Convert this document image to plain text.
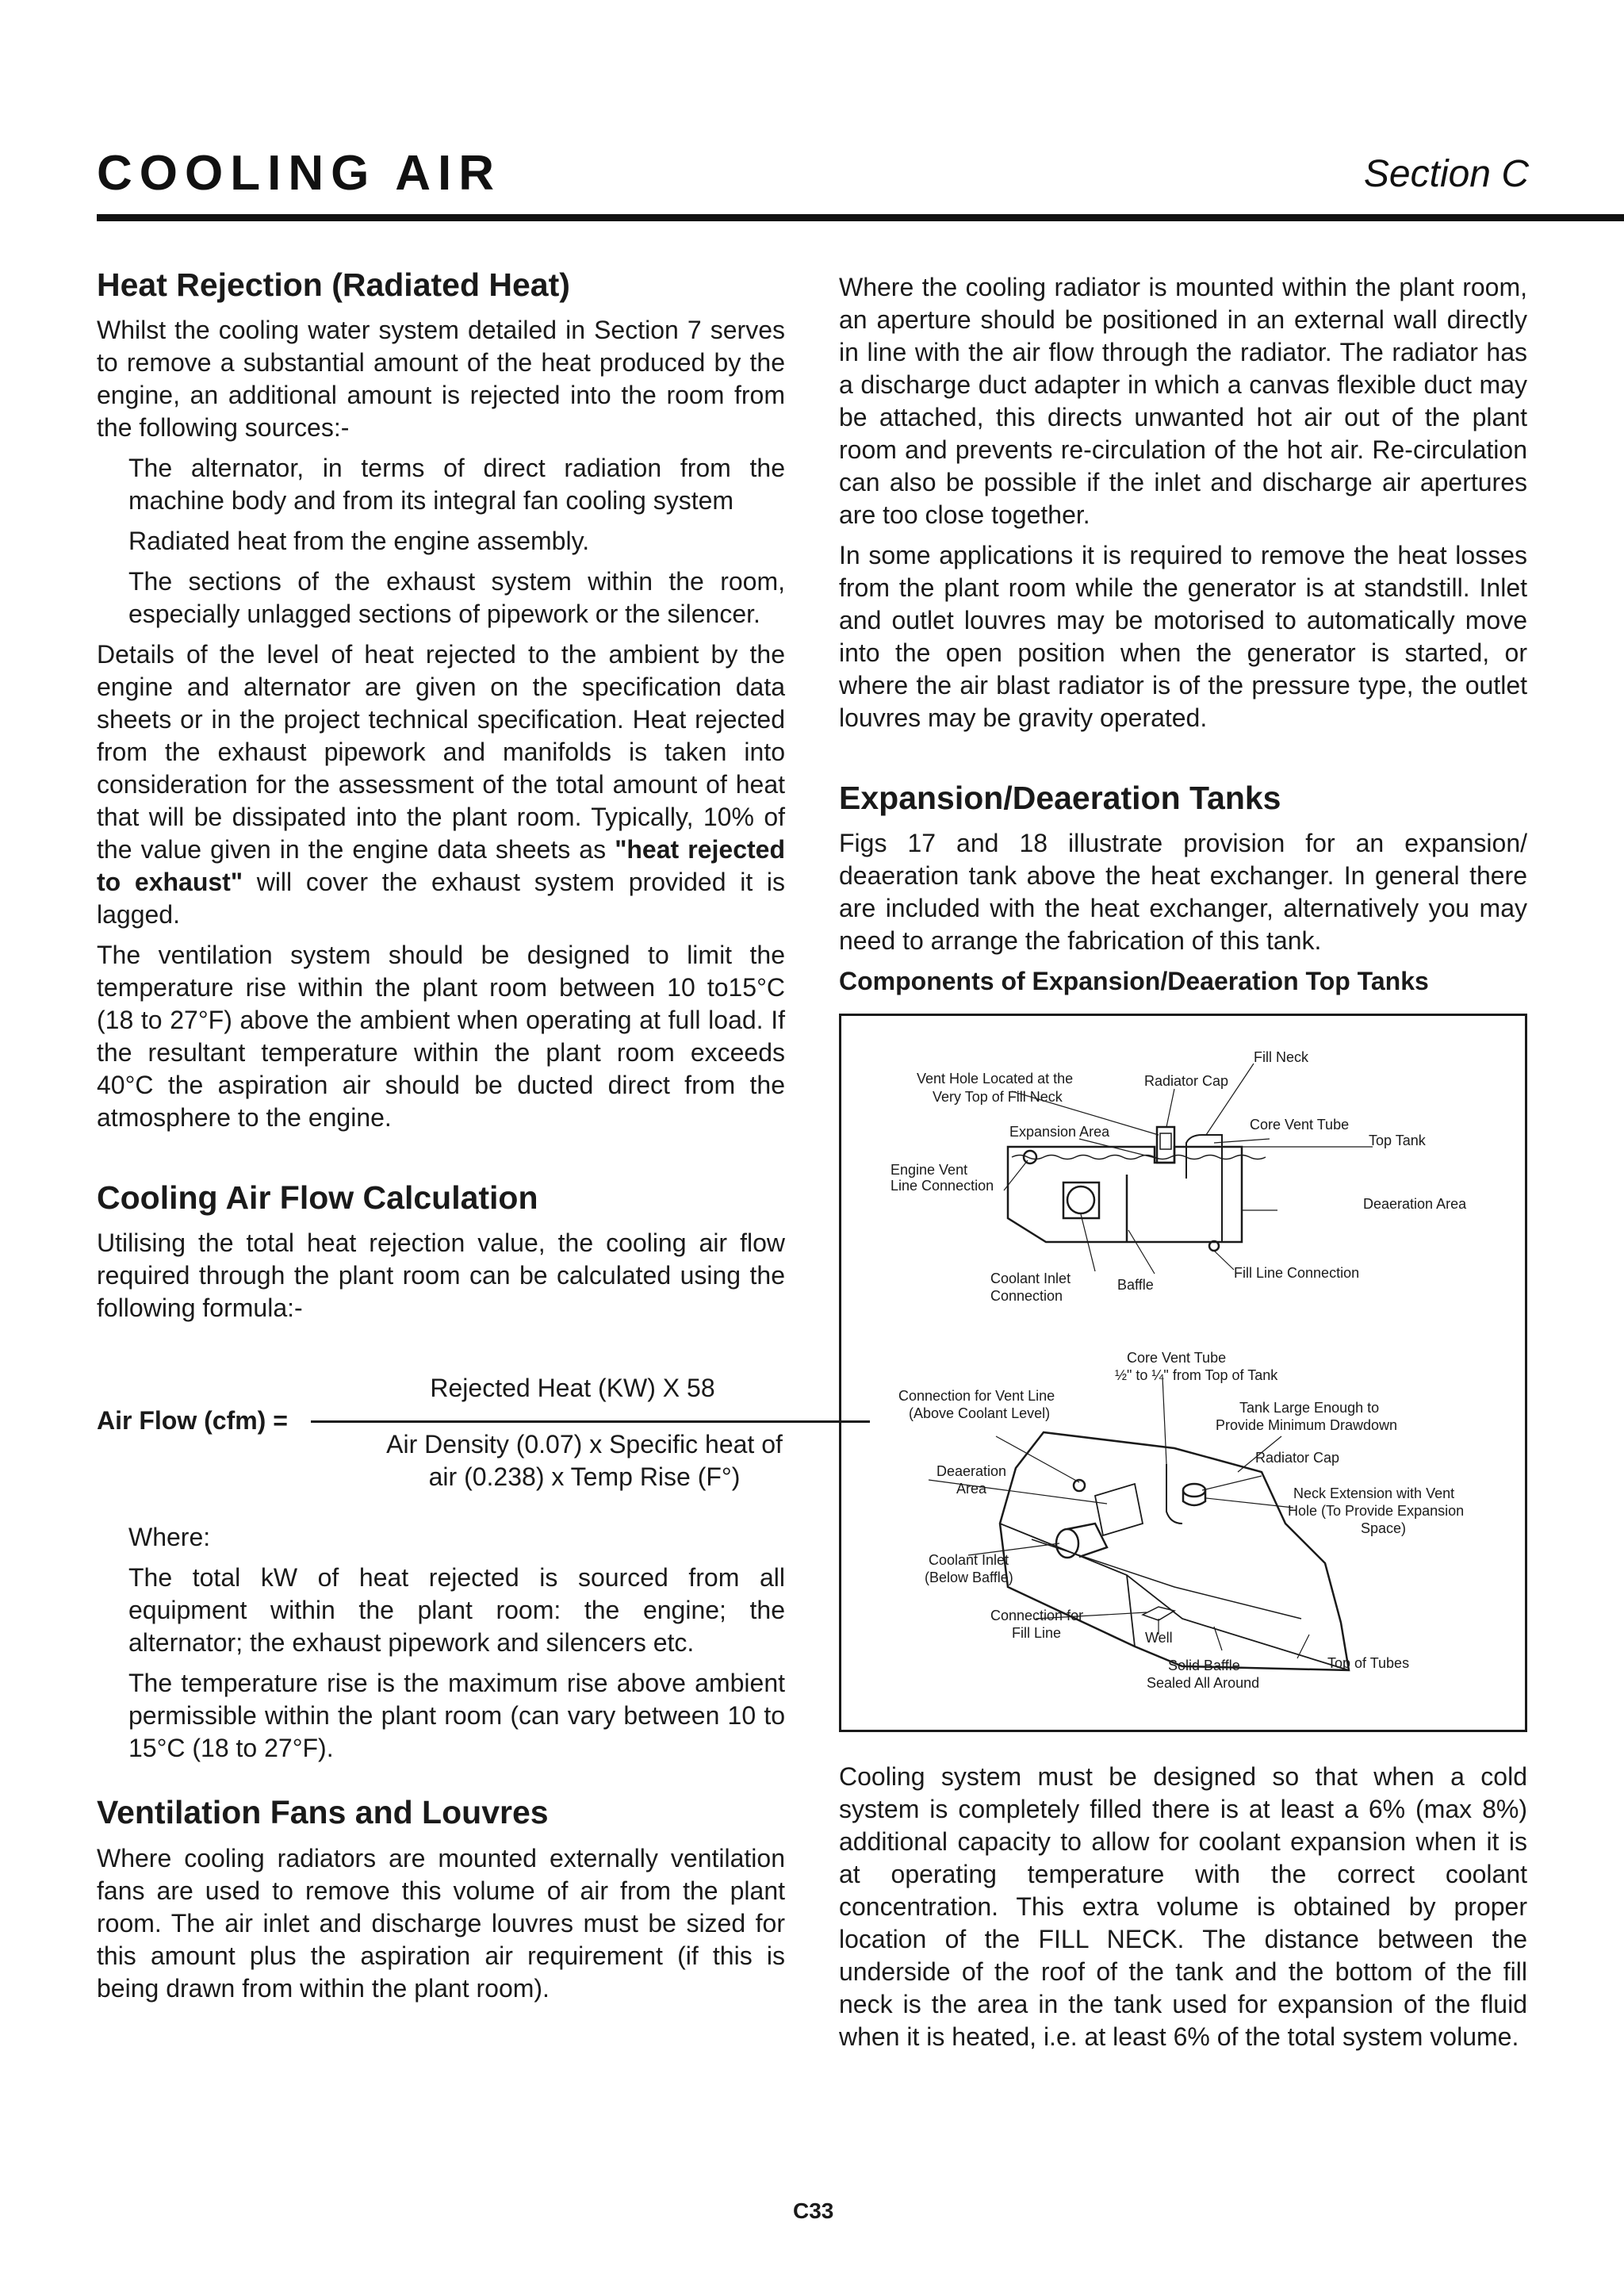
COOLING AIR	Section C
Heat Rejection (Radiated Heat)

Whilst the cooling water system detailed in Section 7 serves to remove a substantial amount of the heat produced by the engine, an additional amount is rejected into the room from the following sources:-

The alternator, in terms of direct radiation from the machine body and from its integral fan cooling system

Radiated heat from the engine assembly.

The sections of the exhaust system within the room, especially unlagged sections of pipework or the silencer.

Details of the level of heat rejected to the ambient by the engine and alternator are given on the specification data sheets or in the project technical specification. Heat rejected from the exhaust pipework and manifolds is taken into consideration for the assessment of the total amount of heat that will be dissipated into the plant room. Typically, 10% of the value given in the engine data sheets as "heat rejected to exhaust" will cover the exhaust system provided it is lagged.

The ventilation system should be designed to limit the temperature rise within the plant room between 10 to15°C (18 to 27°F) above the ambient when operating at full load. If the resultant temperature within the plant room exceeds 40°C the aspiration air should be ducted direct from the atmosphere to the engine.

Cooling Air Flow Calculation

Utilising the total heat rejection value, the cooling air flow required through the plant room can be calculated using the following formula:-

Air Flow (cfm) =
Rejected Heat (KW) X 58
Air Density (0.07) x Specific heat of
air (0.238) x Temp Rise (F°)

Where:

The total kW of heat rejected is sourced from all equipment within the plant room: the engine; the alternator; the exhaust pipework and silencers etc.

The temperature rise is the maximum rise above ambient permissible within the plant room (can vary between 10 to 15°C (18 to 27°F).

Ventilation Fans and Louvres

Where cooling radiators are mounted externally ventilation fans are used to remove this volume of air from the plant room. The air inlet and discharge louvres must be sized for this amount plus the aspiration air requirement (if this is being drawn from within the plant room).

Where the cooling radiator is mounted within the plant room, an aperture should be positioned in an external wall directly in line with the air flow through the radiator. The radiator has a discharge duct adapter in which a canvas flexible duct may be attached, this directs unwanted hot air out of the plant room and prevents re-circulation of the hot air. Re-circulation can also be possible if the inlet and discharge air apertures are too close together.

In some applications it is required to remove the heat losses from the plant room while the generator is at standstill. Inlet and outlet louvres may be motorised to automatically move into the open position when the generator is started, or where the air blast radiator is of the pressure type, the outlet louvres may be gravity operated.

Expansion/Deaeration Tanks

Figs 17 and 18 illustrate provision for an expansion/ deaeration tank above the heat exchanger. In general there are included with the heat exchanger, alternatively you may need to arrange the fabrication of this tank.

Components of Expansion/Deaeration Top Tanks
Vent Hole Located at the
Very Top of Fill Neck
Radiator Cap
Fill Neck
Expansion Area	Core Vent Tube
Top Tank
Engine Vent
Line Connection
Deaeration Area
Coolant Inlet
Connection
Baffle
Fill Line Connection
Core Vent Tube
½" to ¼" from Top of Tank
Connection for Vent Line
(Above Coolant Level)	Tank Large Enough to
Provide Minimum Drawdown
Radiator Cap
Deaeration
Area	Neck Extension with Vent
Hole (To Provide Expansion
Space)
Coolant Inlet
(Below Baffle)
Connection for
Fill Line	Well
Solid Baffle
Sealed All Around
Top of Tubes

Cooling system must be designed so that when a cold system is completely filled there is at least a 6% (max 8%) additional capacity to allow for coolant expansion when it is at operating temperature with the correct coolant concentration. This extra volume is obtained by proper location of the FILL NECK. The distance between the underside of the roof of the tank and the bottom of the fill neck is the area in the tank used for expansion of the fluid when it is heated, i.e. at least 6% of the total system volume.

C33
